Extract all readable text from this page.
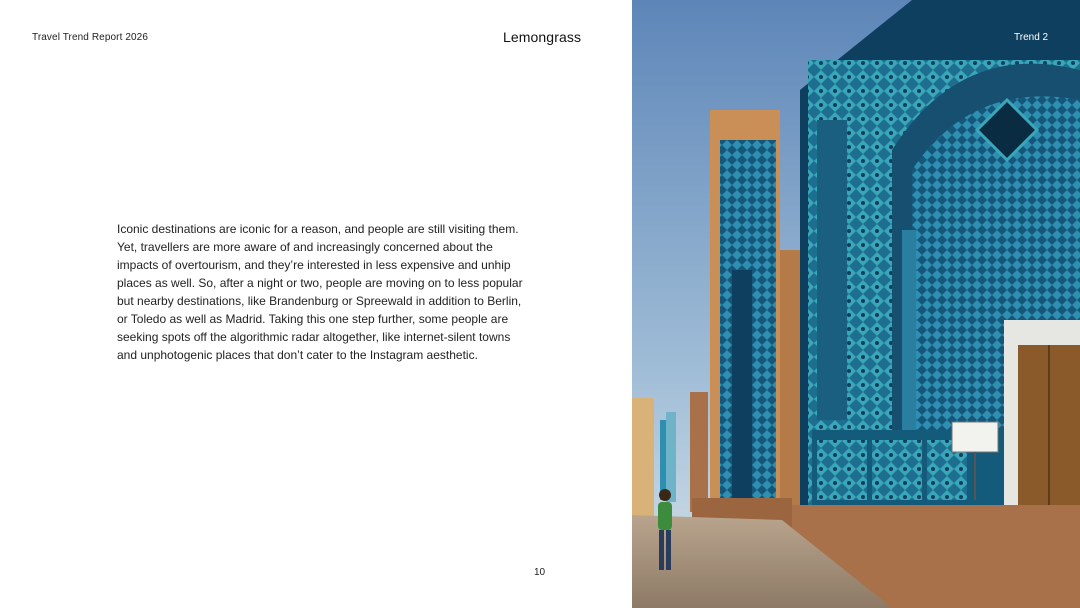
Travel Trend Report 2026	Lemongrass
Iconic destinations are iconic for a reason, and people are still visiting them. Yet, travellers are more aware of and increasingly concerned about the impacts of overtourism, and they’re interested in less expensive and unhip places as well. So, after a night or two, people are moving on to less popular but nearby destinations, like Brandenburg or Spreewald in addition to Berlin, or Toledo as well as Madrid. Taking this one step further, some people are seeking spots off the algorithmic radar altogether, like internet-silent towns and unphotogenic places that don’t cater to the Instagram aesthetic.
10
Trend 2
